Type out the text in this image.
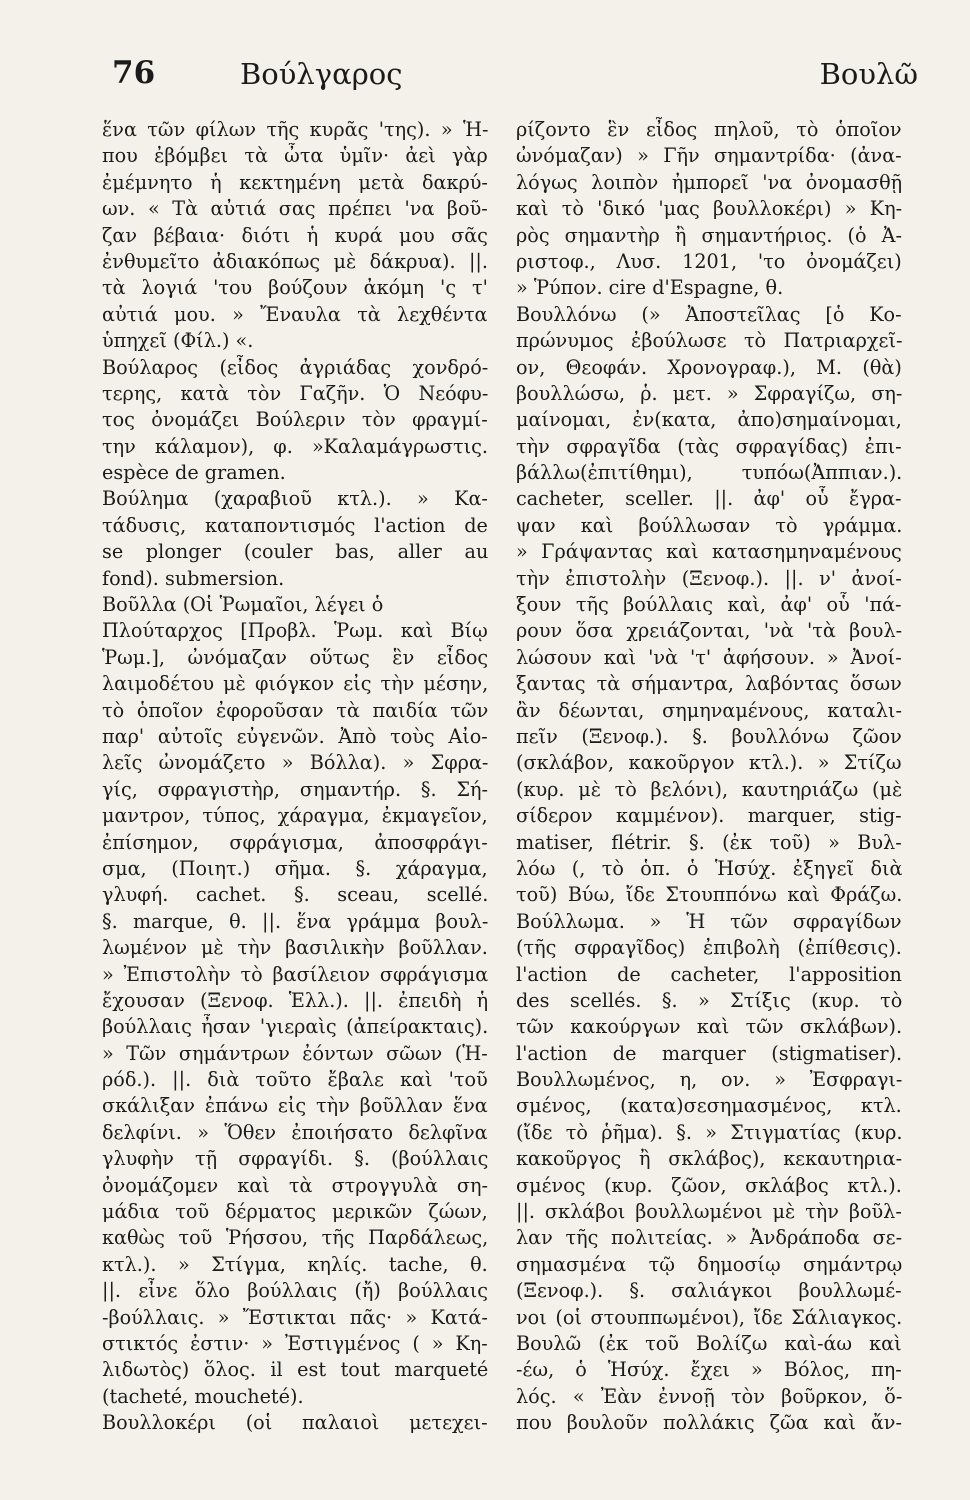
76	Βούλγαρος	Βουλῶ
ἕνα τῶν φίλων τῆς κυρᾶς 'της). » Ἡ-
που ἐβόμβει τὰ ὦτα ὑμῖν· ἀεὶ γὰρ
ἐμέμνητο ἡ κεκτημένη μετὰ δακρύ-
ων. « Τὰ αὐτιά σας πρέπει 'να βοῦ-
ζαν βέβαια· διότι ἡ κυρά μου σᾶς
ἐνθυμεῖτο ἀδιακόπως μὲ δάκρυα). ||.
τὰ λογιά 'του βούζουν ἀκόμη 'ς τ'
αὐτιά μου. » Ἔναυλα τὰ λεχθέντα
ὑπηχεῖ (Φίλ.) «.
Βούλαρος (εἶδος ἀγριάδας χονδρό-
τερης, κατὰ τὸν Γαζῆν. Ὁ Νεόφυ-
τος ὀνομάζει Βούλεριν τὸν φραγμί-
την κάλαμον), φ. »Καλαμάγρωστις.
espèce de gramen.
Βούλημα (χαραβιοῦ κτλ.). » Κα-
τάδυσις, καταποντισμός l'action de
se plonger (couler bas, aller au
fond). submersion.
Βοῦλλα (Οἱ Ῥωμαῖοι, λέγει ὁ
Πλούταρχος [Προβλ. Ῥωμ. καὶ Βίῳ
Ῥωμ.], ὠνόμαζαν οὕτως ἓν εἶδος
λαιμοδέτου μὲ φιόγκον εἰς τὴν μέσην,
τὸ ὁποῖον ἐφοροῦσαν τὰ παιδία τῶν
παρ' αὐτοῖς εὐγενῶν. Ἀπὸ τοὺς Αἰο-
λεῖς ὠνομάζετο » Βόλλα). » Σφρα-
γίς, σφραγιστὴρ, σημαντήρ. §. Σή-
μαντρον, τύπος, χάραγμα, ἐκμαγεῖον,
ἐπίσημον, σφράγισμα, ἀποσφράγι-
σμα, (Ποιητ.) σῆμα. §. χάραγμα,
γλυφή. cachet. §. sceau, scellé.
§. marque, θ. ||. ἕνα γράμμα βουλ-
λωμένον μὲ τὴν βασιλικὴν βοῦλλαν.
» Ἐπιστολὴν τὸ βασίλειον σφράγισμα
ἔχουσαν (Ξενοφ. Ἑλλ.). ||. ἐπειδὴ ἡ
βούλλαις ἦσαν 'γιεραὶς (ἀπείρακταις).
» Τῶν σημάντρων ἐόντων σῶων (Ἡ-
ρόδ.). ||. διὰ τοῦτο ἔβαλε καὶ 'τοῦ
σκάλιξαν ἐπάνω εἰς τὴν βοῦλλαν ἕνα
δελφίνι. » Ὅθεν ἐποιήσατο δελφῖνα
γλυφὴν τῇ σφραγίδι. §. (βούλλαις
ὀνομάζομεν καὶ τὰ στρογγυλὰ ση-
μάδια τοῦ δέρματος μερικῶν ζώων,
καθὼς τοῦ Ῥήσσου, τῆς Παρδάλεως,
κτλ.). » Στίγμα, κηλίς. tache, θ.
||. εἶνε ὅλο βούλλαις (ἤ) βούλλαις
-βούλλαις. » Ἔστικται πᾶς· » Κατά-
στικτός ἐστιν· » Ἐστιγμένος ( » Κη-
λιδωτὸς) ὅλος. il est tout marqueté
(tacheté, moucheté).
Βουλλοκέρι (οἱ παλαιοὶ μετεχει-
ρίζοντο ἓν εἶδος πηλοῦ, τὸ ὁποῖον
ὠνόμαζαν) » Γῆν σημαντρίδα· (ἀνα-
λόγως λοιπὸν ἠμπορεῖ 'να ὀνομασθῇ
καὶ τὸ 'δικό 'μας βουλλοκέρι) » Κη-
ρὸς σημαντὴρ ἢ σημαντήριος. (ὁ Ἀ-
ριστοφ., Λυσ. 1201, 'το ὀνομάζει)
» Ῥύπον. cire d'Espagne, θ.
Βουλλόνω (» Ἀποστεῖλας [ὁ Κο-
πρώνυμος ἐβούλωσε τὸ Πατριαρχεῖ-
ον, Θεοφάν. Χρονογραφ.), Μ. (θὰ)
βουλλώσω, ῥ. μετ. » Σφραγίζω, ση-
μαίνομαι, ἐν(κατα, ἀπο)σημαίνομαι,
τὴν σφραγῖδα (τὰς σφραγίδας) ἐπι-
βάλλω(ἐπιτίθημι), τυπόω(Ἀππιαν.).
cacheter, sceller. ||. ἀφ' οὗ ἔγρα-
ψαν καὶ βούλλωσαν τὸ γράμμα.
» Γράψαντας καὶ κατασημηναμένους
τὴν ἐπιστολὴν (Ξενοφ.). ||. ν' ἀνοί-
ξουν τῆς βούλλαις καὶ, ἀφ' οὗ 'πά-
ρουν ὅσα χρειάζονται, 'νὰ 'τὰ βουλ-
λώσουν καὶ 'νὰ 'τ' ἀφήσουν. » Ἀνοί-
ξαντας τὰ σήμαντρα, λαβόντας ὅσων
ἂν δέωνται, σημηναμένους, καταλι-
πεῖν (Ξενοφ.). §. βουλλόνω ζῶον
(σκλάβον, κακοῦργον κτλ.). » Στίζω
(κυρ. μὲ τὸ βελόνι), καυτηριάζω (μὲ
σίδερον καμμένον). marquer, stig-
matiser, flétrir. §. (ἐκ τοῦ) » Βυλ-
λόω (, τὸ ὁπ. ὁ Ἡσύχ. ἐξηγεῖ διὰ
τοῦ) Βύω, ἴδε Στουππόνω καὶ Φράζω.
Βούλλωμα. » Ἡ τῶν σφραγίδων
(τῆς σφραγῖδος) ἐπιβολὴ (ἐπίθεσις).
l'action de cacheter, l'apposition
des scellés. §. » Στίξις (κυρ. τὸ
τῶν κακούργων καὶ τῶν σκλάβων).
l'action de marquer (stigmatiser).
Βουλλωμένος, η, ον. » Ἐσφραγι-
σμένος, (κατα)σεσημασμένος, κτλ.
(ἴδε τὸ ῥῆμα). §. » Στιγματίας (κυρ.
κακοῦργος ἢ σκλάβος), κεκαυτηρια-
σμένος (κυρ. ζῶον, σκλάβος κτλ.).
||. σκλάβοι βουλλωμένοι μὲ τὴν βοῦλ-
λαν τῆς πολιτείας. » Ἀνδράποδα σε-
σημασμένα τῷ δημοσίῳ σημάντρῳ
(Ξενοφ.). §. σαλιάγκοι βουλλωμέ-
νοι (οἱ στουππωμένοι), ἴδε Σάλιαγκος.
Βουλῶ (ἐκ τοῦ Βολίζω καὶ-άω καὶ
-έω, ὁ Ἡσύχ. ἔχει » Βόλος, πη-
λός. « Ἐὰν ἐννοῇ τὸν βοῦρκον, ὅ-
που βουλοῦν πολλάκις ζῶα καὶ ἄν-
